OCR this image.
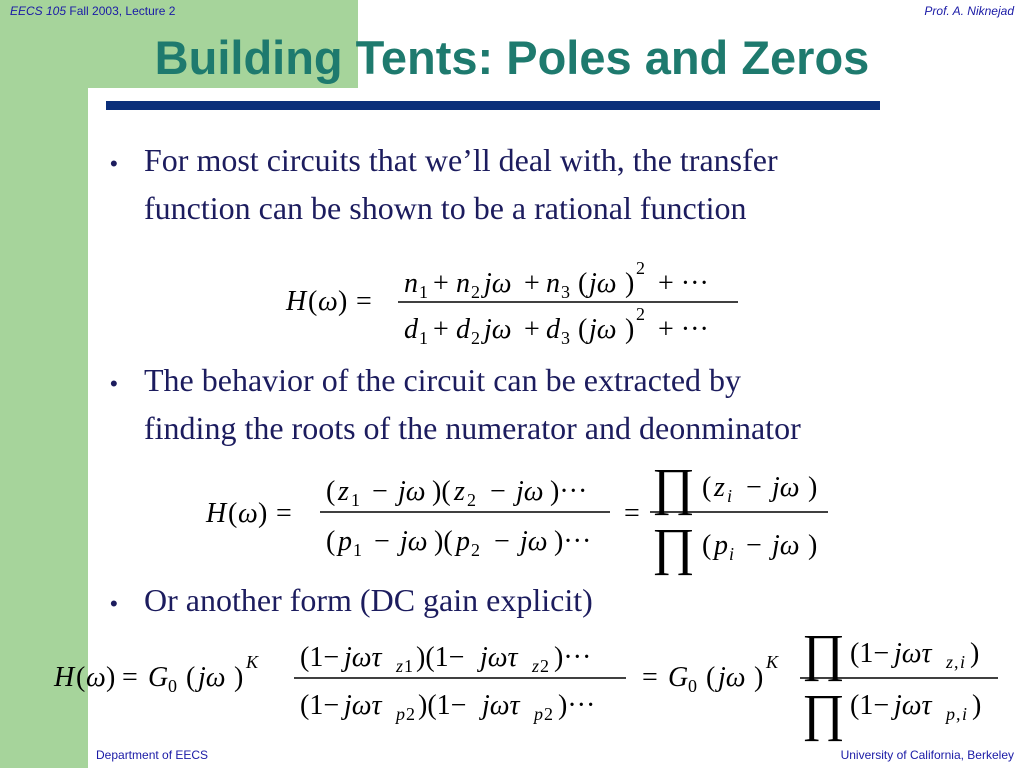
EECS 105 Fall 2003, Lecture 2	Prof. A. Niknejad
Building Tents: Poles and Zeros
• For most circuits that we’ll deal with, the transfer
function can be shown to be a rational function
H ( ω ) =
n 1 + n 2 jω + n 3 ( jω ) 2 + ···
d 1 + d 2 jω + d 3 ( jω ) 2 + ···
• The behavior of the circuit can be extracted by
finding the roots of the numerator and deonminator
H ( ω ) =
( z 1 − jω )( z 2 − jω )···
( p 1 − jω )( p 2 − jω )···
= ∏ ( z i − jω )
∏ ( p i − jω )
• Or another form (DC gain explicit)
H ( ω ) = G 0 ( jω ) K (1− jωτ z 1 )(1− jωτ z 2 )···
(1− jωτ p 2 )(1− jωτ p 2 )···
= G 0 ( jω ) K ∏ (1− jωτ z , i )
∏ (1− jωτ p , i )
Department of EECS	University of California, Berkeley
